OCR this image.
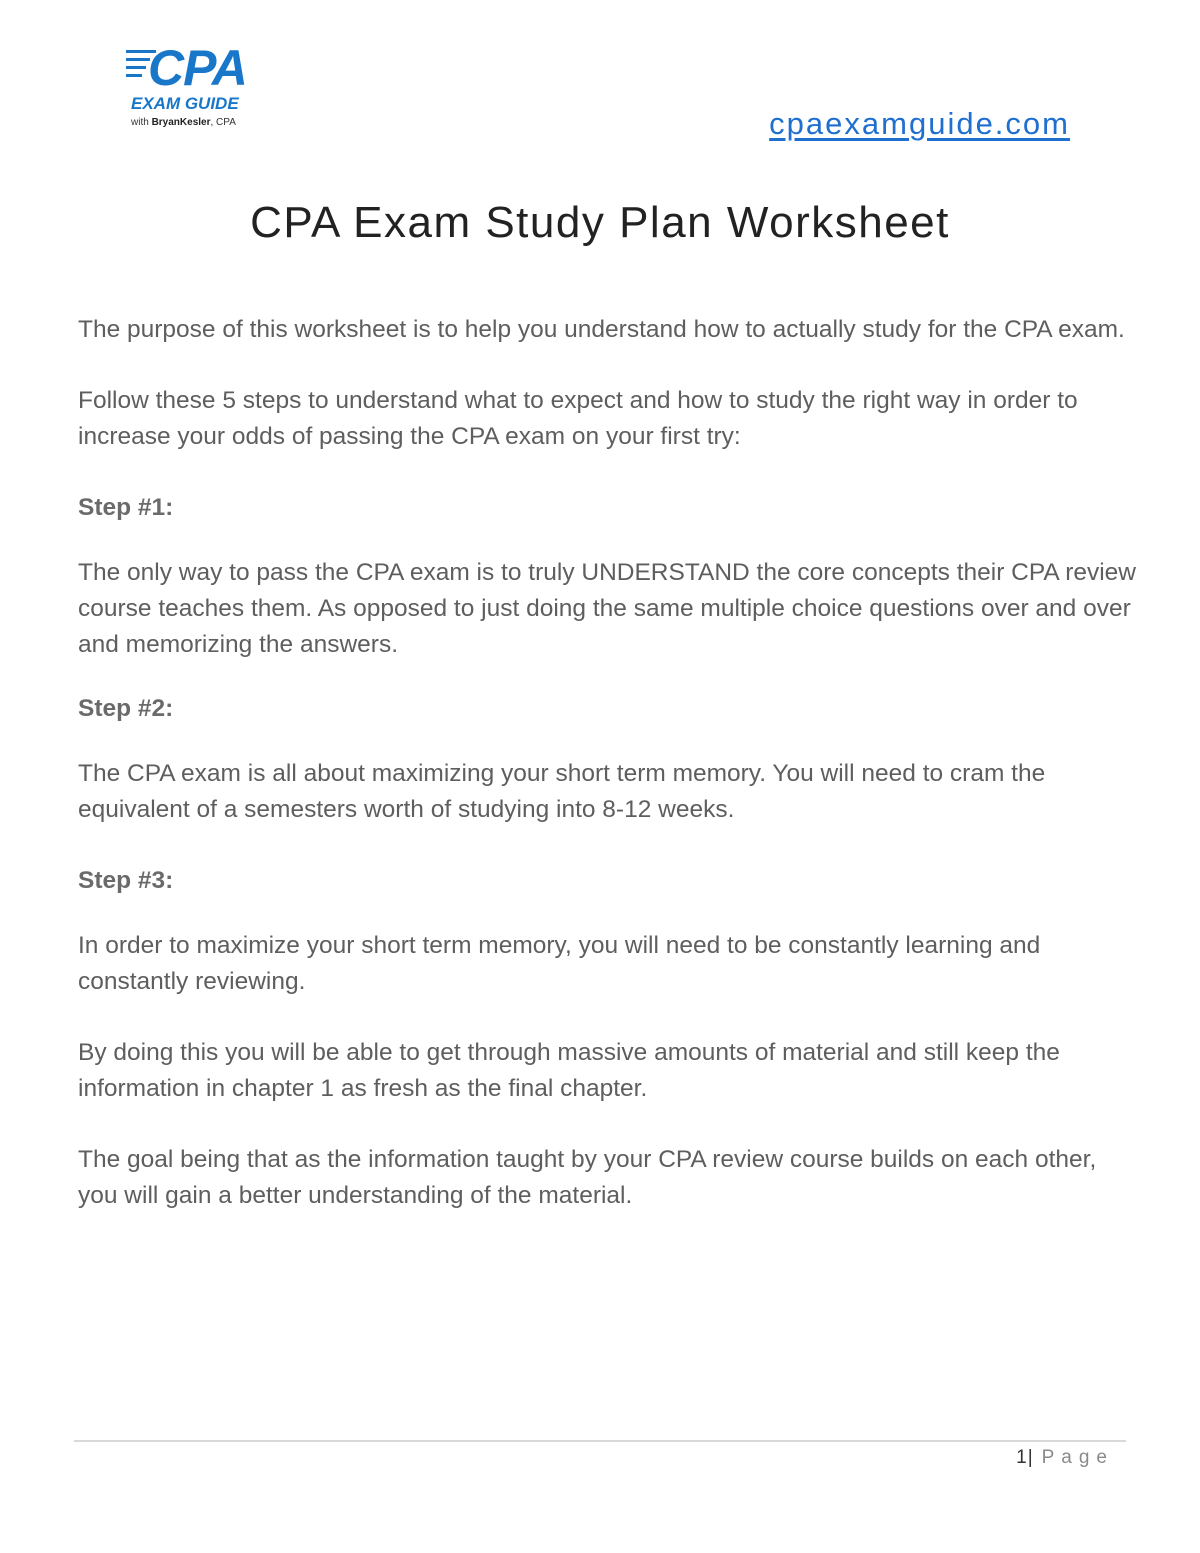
CPA
EXAM GUIDE
with BryanKesler, CPA	cpaexamguide.com
CPA Exam Study Plan Worksheet

The purpose of this worksheet is to help you understand how to actually study for the CPA exam.

Follow these 5 steps to understand what to expect and how to study the right way in order to increase your odds of passing the CPA exam on your first try:

Step #1:

The only way to pass the CPA exam is to truly UNDERSTAND the core concepts their CPA review course teaches them. As opposed to just doing the same multiple choice questions over and over and memorizing the answers.

Step #2:

The CPA exam is all about maximizing your short term memory. You will need to cram the equivalent of a semesters worth of studying into 8-12 weeks.

Step #3:

In order to maximize your short term memory, you will need to be constantly learning and constantly reviewing.

By doing this you will be able to get through massive amounts of material and still keep the information in chapter 1 as fresh as the final chapter.

The goal being that as the information taught by your CPA review course builds on each other, you will gain a better understanding of the material.

1| Page
